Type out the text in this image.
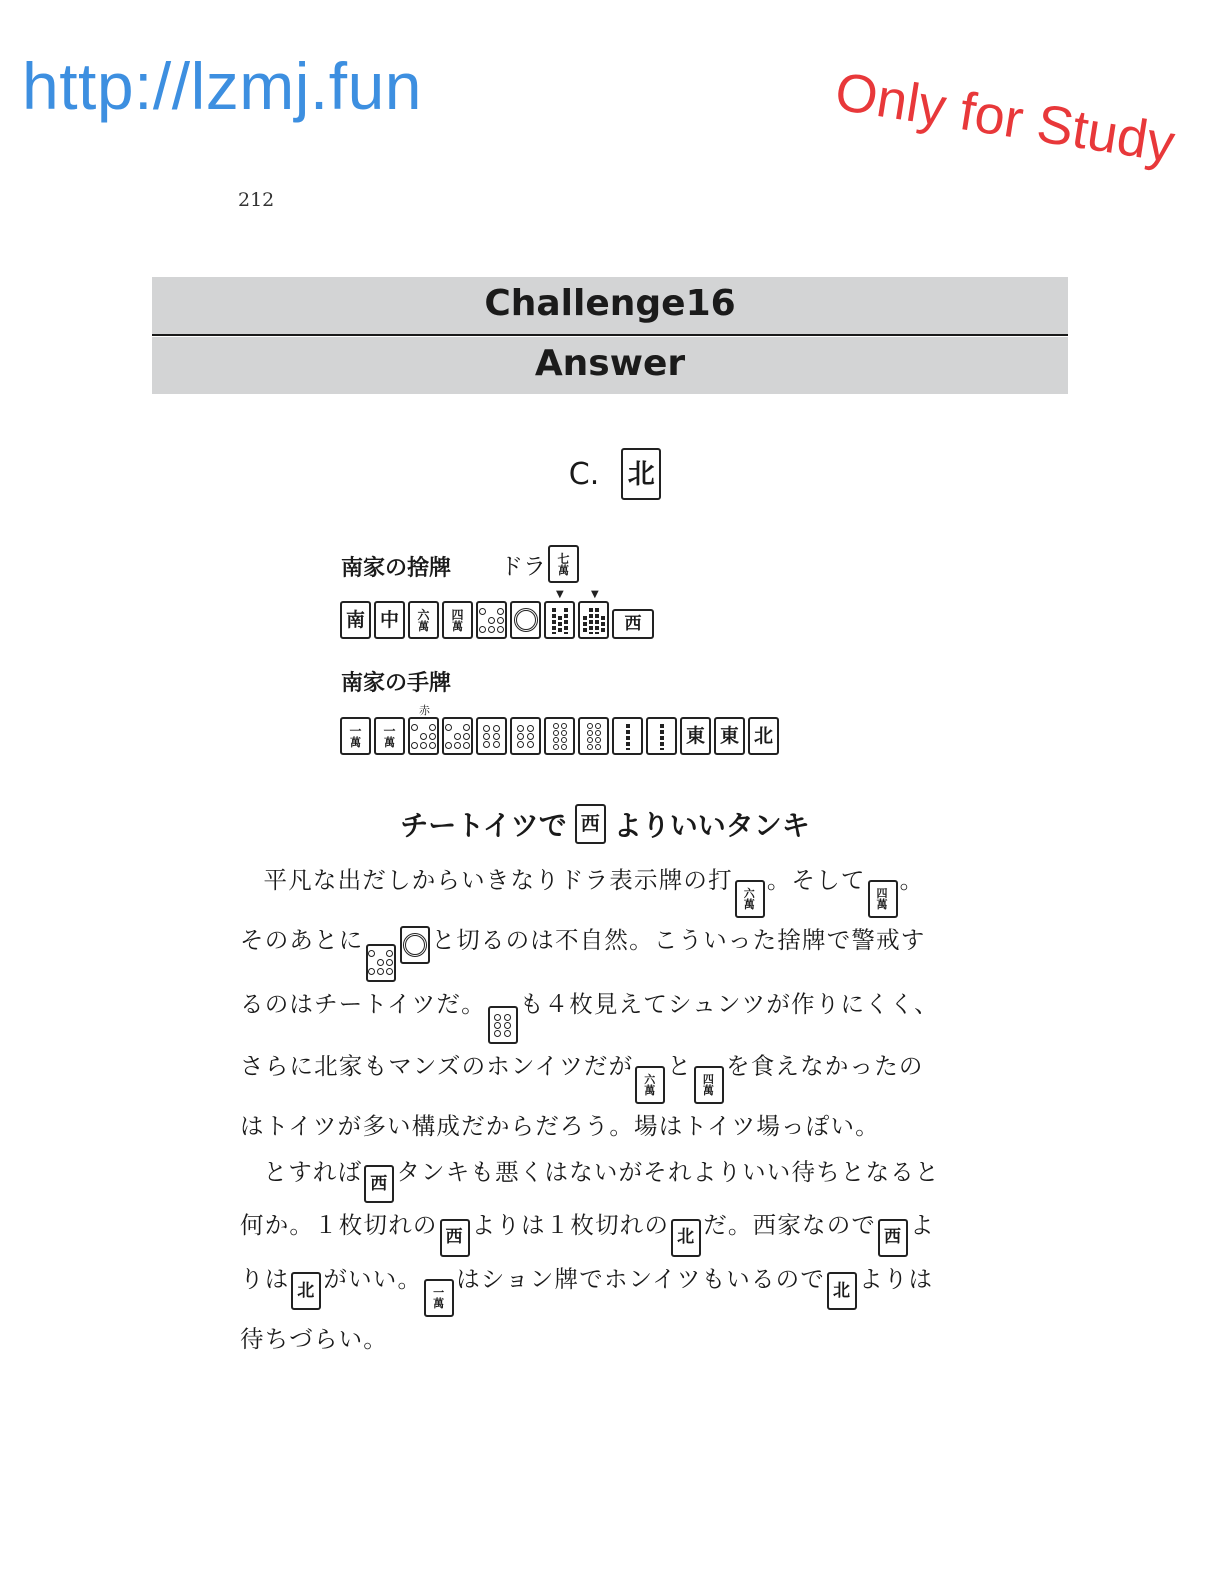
http://lzmj.fun	Only for Study
212
Challenge16
Answer
C. 北
南家の捨牌 ドラ 七
萬
▼	▼
南 中	六
萬
四
萬	西
南家の手牌
赤
一
萬
一
萬	東 東 北
チートイツで 西 よりいいタンキ

平凡な出だしからいきなりドラ表示牌の打 六
萬
。そして 四
萬
。そのあとに	と切るのは不自然。こういった捨牌で警戒するのはチートイツだ。 も４枚見えてシュンツが作りにくく、さらに北家もマンズのホンイツだが 六
萬
と 四
萬
を食えなかったのはトイツが多い構成だからだろう。場はトイツ場っぽい。

とすれば 西 タンキも悪くはないがそれよりいい待ちとなると何か。１枚切れの 西 よりは１枚切れの 北 だ。西家なので 西 よりは 北 がいい。 一
萬
はション牌でホンイツもいるので 北 よりは待ちづらい。
